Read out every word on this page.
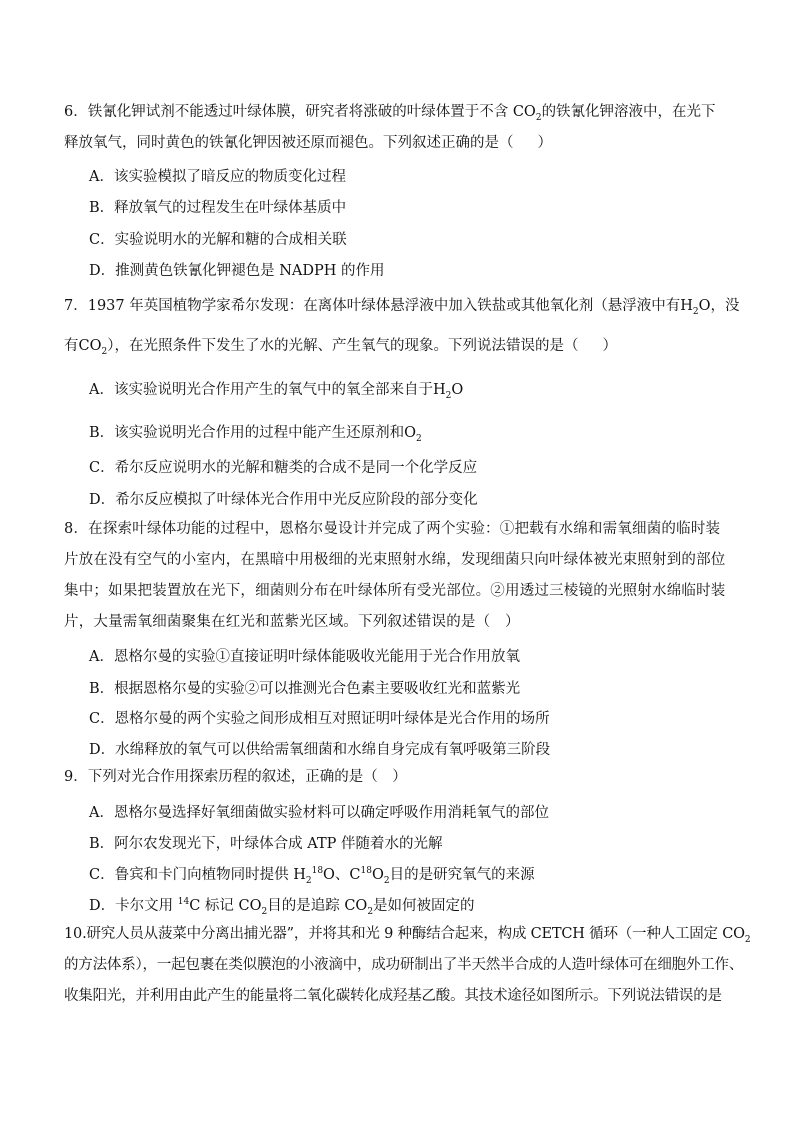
6．铁氰化钾试剂不能透过叶绿体膜，研究者将涨破的叶绿体置于不含 $CO_2$的铁氰化钾溶液中，在光下释放氧气，同时黄色的铁氰化钾因被还原而褪色。下列叙述正确的是（ ）
A．该实验模拟了暗反应的物质变化过程
B．释放氧气的过程发生在叶绿体基质中
C．实验说明水的光解和糖的合成相关联
D．推测黄色铁氰化钾褪色是 NADPH 的作用
7．1937 年英国植物学家希尔发现：在离体叶绿体悬浮液中加入铁盐或其他氧化剂（悬浮液中有$H_2O$，没
有$CO_2$），在光照条件下发生了水的光解、产生氧气的现象。下列说法错误的是（ ）
A．该实验说明光合作用产生的氧气中的氧全部来自于$H_2O$
B．该实验说明光合作用的过程中能产生还原剂和$O_2$
C．希尔反应说明水的光解和糖类的合成不是同一个化学反应
D．希尔反应模拟了叶绿体光合作用中光反应阶段的部分变化
8．在探索叶绿体功能的过程中，恩格尔曼设计并完成了两个实验：①把载有水绵和需氧细菌的临时装片放在没有空气的小室内，在黑暗中用极细的光束照射水绵，发现细菌只向叶绿体被光束照射到的部位集中；如果把装置放在光下，细菌则分布在叶绿体所有受光部位。②用透过三棱镜的光照射水绵临时装片，大量需氧细菌聚集在红光和蓝紫光区域。下列叙述错误的是（　）
A．恩格尔曼的实验①直接证明叶绿体能吸收光能用于光合作用放氧
B．根据恩格尔曼的实验②可以推测光合色素主要吸收红光和蓝紫光
C．恩格尔曼的两个实验之间形成相互对照证明叶绿体是光合作用的场所
D．水绵释放的氧气可以供给需氧细菌和水绵自身完成有氧呼吸第三阶段
9．下列对光合作用探索历程的叙述，正确的是（　）
A．恩格尔曼选择好氧细菌做实验材料可以确定呼吸作用消耗氧气的部位
B．阿尔农发现光下，叶绿体合成 ATP 伴随着水的光解
C．鲁宾和卡门向植物同时提供 $H_2^{18}O$、$C^{18}O_2$目的是研究氧气的来源
D．卡尔文用 $^{14}$C 标记 $CO_2$目的是追踪 $CO_2$是如何被固定的
10.研究人员从菠菜中分离出捕光器”，并将其和光 9 种酶结合起来，构成 CETCH 循环（一种人工固定 $CO_2$
的方法体系），一起包裹在类似膜泡的小液滴中，成功研制出了半天然半合成的人造叶绿体可在细胞外工作、
收集阳光，并利用由此产生的能量将二氧化碳转化成羟基乙酸。其技术途径如图所示。下列说法错误的是
